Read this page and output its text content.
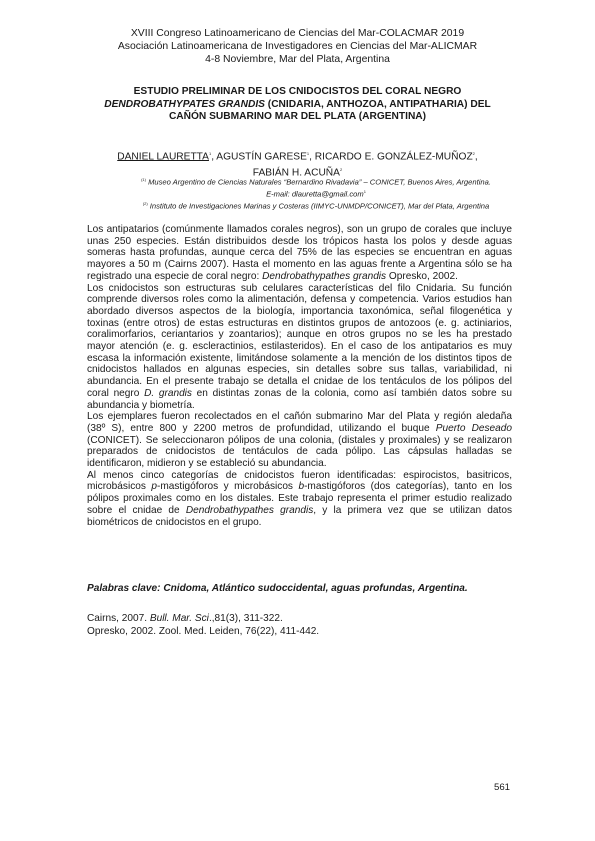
XVIII Congreso Latinoamericano de Ciencias del Mar-COLACMAR 2019
Asociación Latinoamericana de Investigadores en Ciencias del Mar-ALICMAR
4-8 Noviembre, Mar del Plata, Argentina
ESTUDIO PRELIMINAR DE LOS CNIDOCISTOS DEL CORAL NEGRO
DENDROBATHYPATES GRANDIS (CNIDARIA, ANTHOZOA, ANTIPATHARIA) DEL
CAÑÓN SUBMARINO MAR DEL PLATA (ARGENTINA)
DANIEL LAURETTA$^1$, AGUSTÍN GARESE$^1$, RICARDO E. GONZÁLEZ-MUÑOZ$^2$,
FABIÁN H. ACUÑA$^2$
$^{(1)}$ Museo Argentino de Ciencias Naturales “Bernardino Rivadavia” – CONICET, Buenos Aires, Argentina.
E-mail: dlauretta@gmail.com$^1$
$^{(2)}$ Instituto de Investigaciones Marinas y Costeras (IIMYC-UNMDP/CONICET), Mar del Plata, Argentina

Los antipatarios (comúnmente llamados corales negros), son un grupo de corales que incluye unas 250 especies. Están distribuidos desde los trópicos hasta los polos y desde aguas someras hasta profundas, aunque cerca del 75% de las especies se encuentran en aguas mayores a 50 m (Cairns 2007). Hasta el momento en las aguas frente a Argentina sólo se ha registrado una especie de coral negro: Dendrobathypathes grandis Opresko, 2002.

Los cnidocistos son estructuras sub celulares características del filo Cnidaria. Su función comprende diversos roles como la alimentación, defensa y competencia. Varios estudios han abordado diversos aspectos de la biología, importancia taxonómica, señal filogenética y toxinas (entre otros) de estas estructuras en distintos grupos de antozoos (e. g. actiniarios, coralimorfarios, ceriantarios y zoantarios); aunque en otros grupos no se les ha prestado mayor atención (e. g. escleractinios, estilasteridos). En el caso de los antipatarios es muy escasa la información existente, limitándose solamente a la mención de los distintos tipos de cnidocistos hallados en algunas especies, sin detalles sobre sus tallas, variabilidad, ni abundancia. En el presente trabajo se detalla el cnidae de los tentáculos de los pólipos del coral negro D. grandis en distintas zonas de la colonia, como así también datos sobre su abundancia y biometría.

Los ejemplares fueron recolectados en el cañón submarino Mar del Plata y región aledaña (38º S), entre 800 y 2200 metros de profundidad, utilizando el buque Puerto Deseado (CONICET). Se seleccionaron pólipos de una colonia, (distales y proximales) y se realizaron preparados de cnidocistos de tentáculos de cada pólipo. Las cápsulas halladas se identificaron, midieron y se estableció su abundancia.

Al menos cinco categorías de cnidocistos fueron identificadas: espirocistos, basitricos, microbásicos p-mastigóforos y microbásicos b-mastigóforos (dos categorías), tanto en los pólipos proximales como en los distales. Este trabajo representa el primer estudio realizado sobre el cnidae de Dendrobathypathes grandis, y la primera vez que se utilizan datos biométricos de cnidocistos en el grupo.

Palabras clave: Cnidoma, Atlántico sudoccidental, aguas profundas, Argentina.

Cairns, 2007. Bull. Mar. Sci.,81(3), 311-322.

Opresko, 2002. Zool. Med. Leiden, 76(22), 411-442.

561
